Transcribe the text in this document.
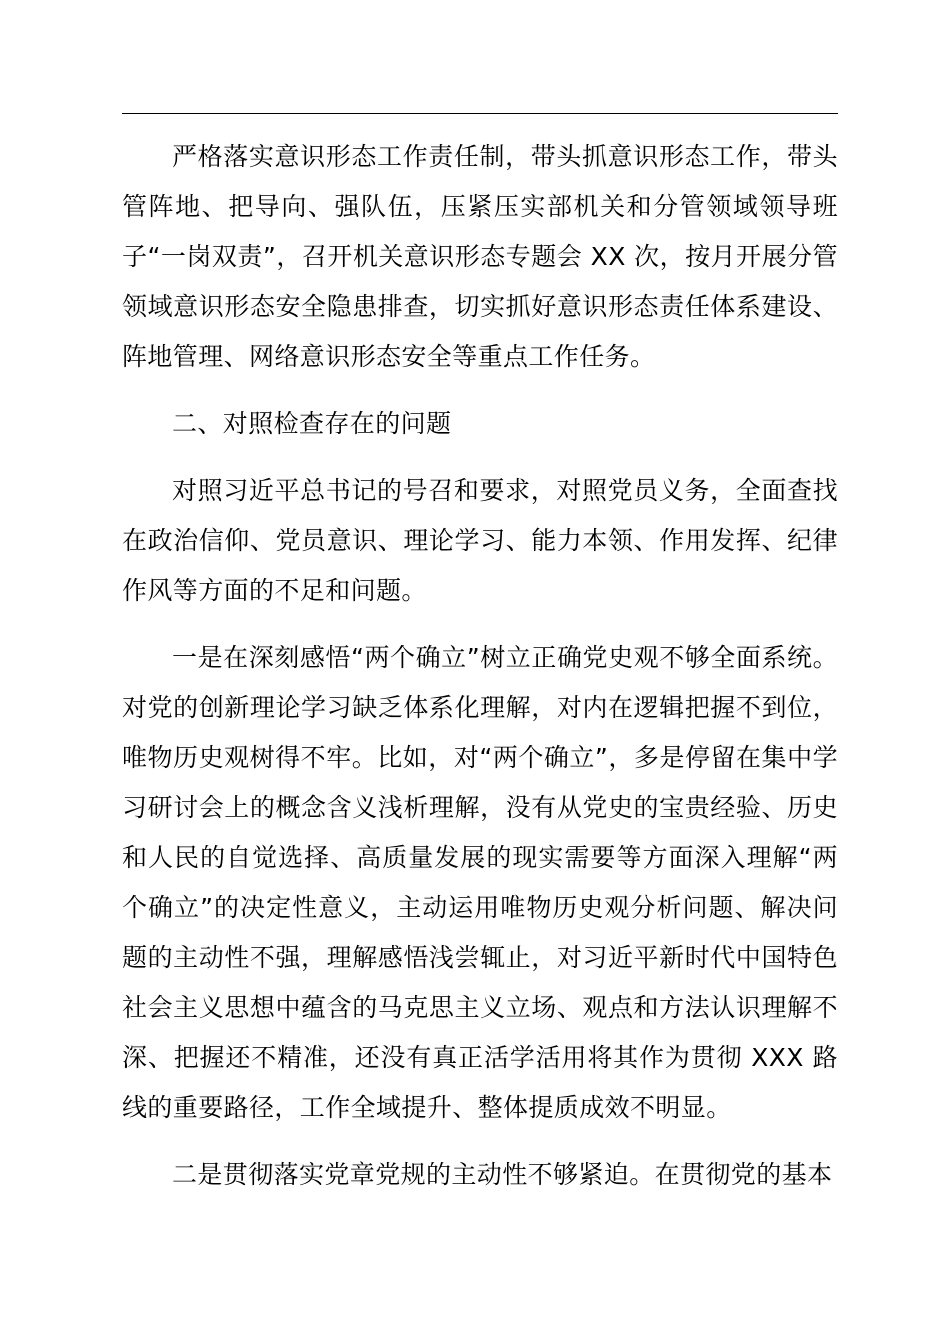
严格落实意识形态工作责任制，带头抓意识形态工作，带头管阵地、把导向、强队伍，压紧压实部机关和分管领域领导班子“一岗双责”，召开机关意识形态专题会 XX 次，按月开展分管领域意识形态安全隐患排查，切实抓好意识形态责任体系建设、阵地管理、网络意识形态安全等重点工作任务。

二、对照检查存在的问题

对照习近平总书记的号召和要求，对照党员义务，全面查找在政治信仰、党员意识、理论学习、能力本领、作用发挥、纪律作风等方面的不足和问题。

一是在深刻感悟“两个确立”树立正确党史观不够全面系统。对党的创新理论学习缺乏体系化理解，对内在逻辑把握不到位，唯物历史观树得不牢。比如，对“两个确立”，多是停留在集中学习研讨会上的概念含义浅析理解，没有从党史的宝贵经验、历史和人民的自觉选择、高质量发展的现实需要等方面深入理解“两个确立”的决定性意义，主动运用唯物历史观分析问题、解决问题的主动性不强，理解感悟浅尝辄止，对习近平新时代中国特色社会主义思想中蕴含的马克思主义立场、观点和方法认识理解不深、把握还不精准，还没有真正活学活用将其作为贯彻 XXX 路线的重要路径，工作全域提升、整体提质成效不明显。

二是贯彻落实党章党规的主动性不够紧迫。在贯彻党的基本
